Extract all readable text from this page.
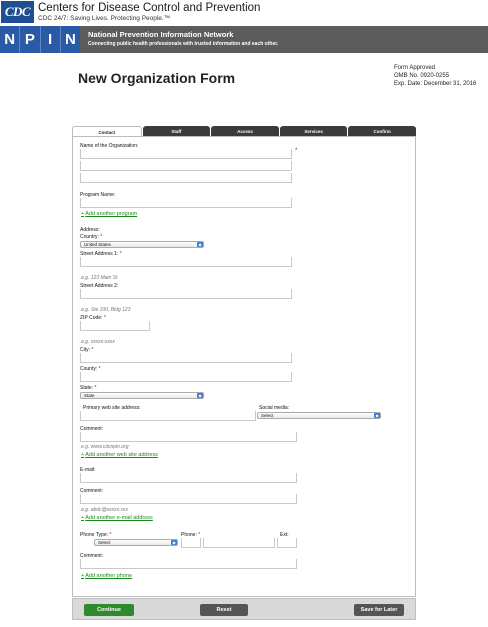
CDC Centers for Disease Control and Prevention
CDC 24/7: Saving Lives. Protecting People.™
N P I N	National Prevention Information Network
Connecting public health professionals with trusted information and each other.
New Organization Form
Form Approved
OMB No. 0920-0255
Exp. Date: December 31, 2016
Contact	Staff	Access	Services	Confirm
Name of the Organization:
*
Program Name:
+Add another program
Address:
Country: *
United States	◆
Street Address 1: *
e.g. 123 Main St
Street Address 2:
e.g. Ste 100, Bldg 123
ZIP Code: *
e.g. xxxxx-xxxx
City: *
County: *
State: *
State	◆
Primary web site address:	Social media:
Select	◆
Comment:
e.g. www.cdcnpin.org
+Add another web site address
E-mail:
Comment:
e.g. abdc@xxxxx.xxx
+Add another e-mail address
Phone Type: *
Select	◆
Phone: *	Ext:
Comment:
+Add another phone
Continue	Reset	Save for Later
